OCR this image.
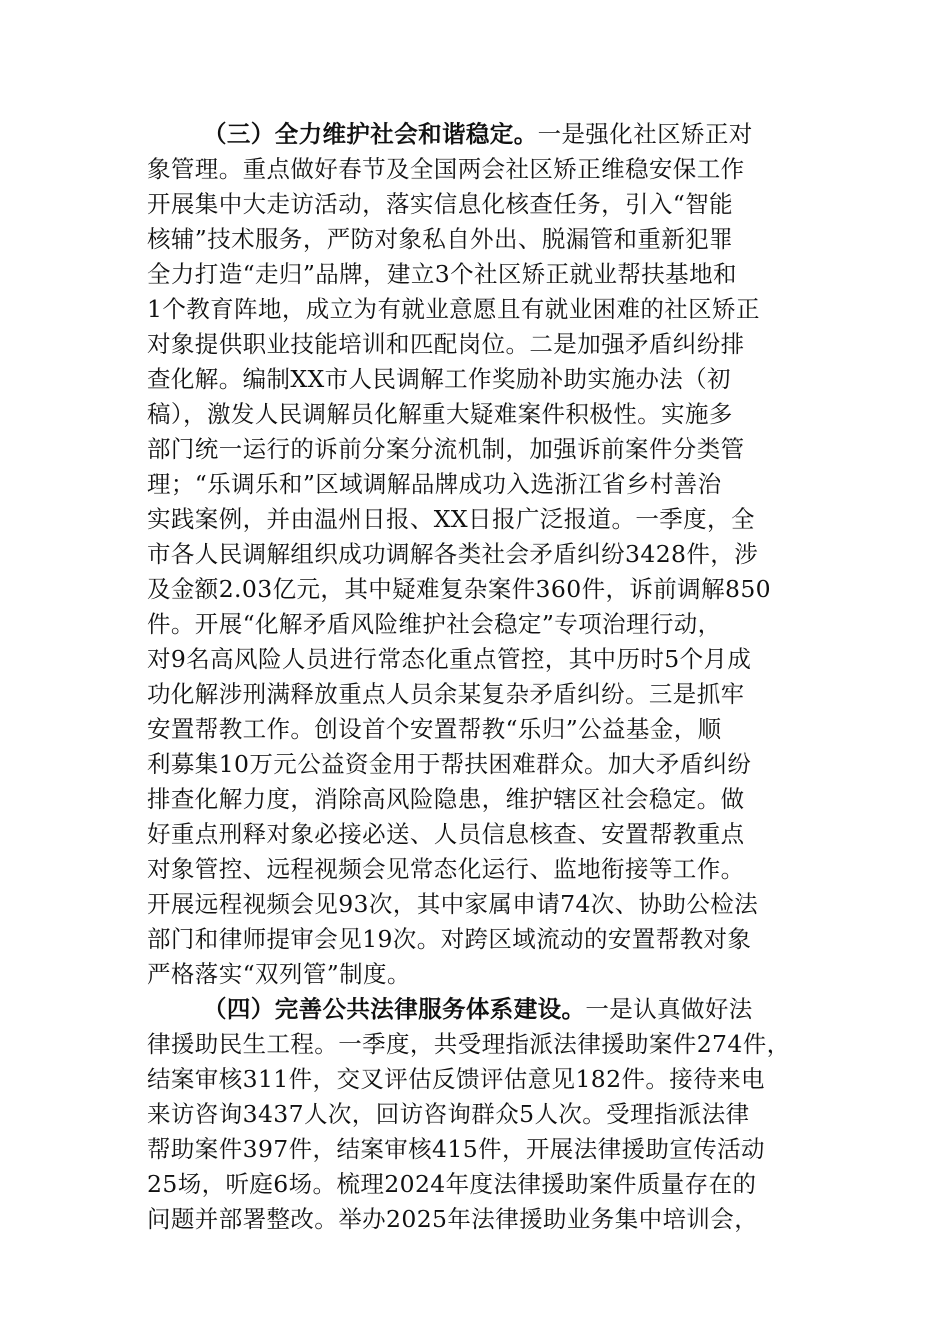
（三）全力维护社会和谐稳定。一是强化社区矫正对
象管理。重点做好春节及全国两会社区矫正维稳安保工作
开展集中大走访活动，落实信息化核查任务，引入“智能
核辅”技术服务，严防对象私自外出、脱漏管和重新犯罪
全力打造“走归”品牌，建立3个社区矫正就业帮扶基地和
1个教育阵地，成立为有就业意愿且有就业困难的社区矫正
对象提供职业技能培训和匹配岗位。二是加强矛盾纠纷排
查化解。编制XX市人民调解工作奖励补助实施办法（初
稿），激发人民调解员化解重大疑难案件积极性。实施多
部门统一运行的诉前分案分流机制，加强诉前案件分类管
理；“乐调乐和”区域调解品牌成功入选浙江省乡村善治
实践案例，并由温州日报、XX日报广泛报道。一季度，全
市各人民调解组织成功调解各类社会矛盾纠纷3428件，涉
及金额2.03亿元，其中疑难复杂案件360件，诉前调解850
件。开展“化解矛盾风险维护社会稳定”专项治理行动，
对9名高风险人员进行常态化重点管控，其中历时5个月成
功化解涉刑满释放重点人员余某复杂矛盾纠纷。三是抓牢
安置帮教工作。创设首个安置帮教“乐归”公益基金，顺
利募集10万元公益资金用于帮扶困难群众。加大矛盾纠纷
排查化解力度，消除高风险隐患，维护辖区社会稳定。做
好重点刑释对象必接必送、人员信息核查、安置帮教重点
对象管控、远程视频会见常态化运行、监地衔接等工作。
开展远程视频会见93次，其中家属申请74次、协助公检法
部门和律师提审会见19次。对跨区域流动的安置帮教对象
严格落实“双列管”制度。
（四）完善公共法律服务体系建设。一是认真做好法
律援助民生工程。一季度，共受理指派法律援助案件274件，
结案审核311件，交叉评估反馈评估意见182件。接待来电
来访咨询3437人次，回访咨询群众5人次。受理指派法律
帮助案件397件，结案审核415件，开展法律援助宣传活动
25场，听庭6场。梳理2024年度法律援助案件质量存在的
问题并部署整改。举办2025年法律援助业务集中培训会，
